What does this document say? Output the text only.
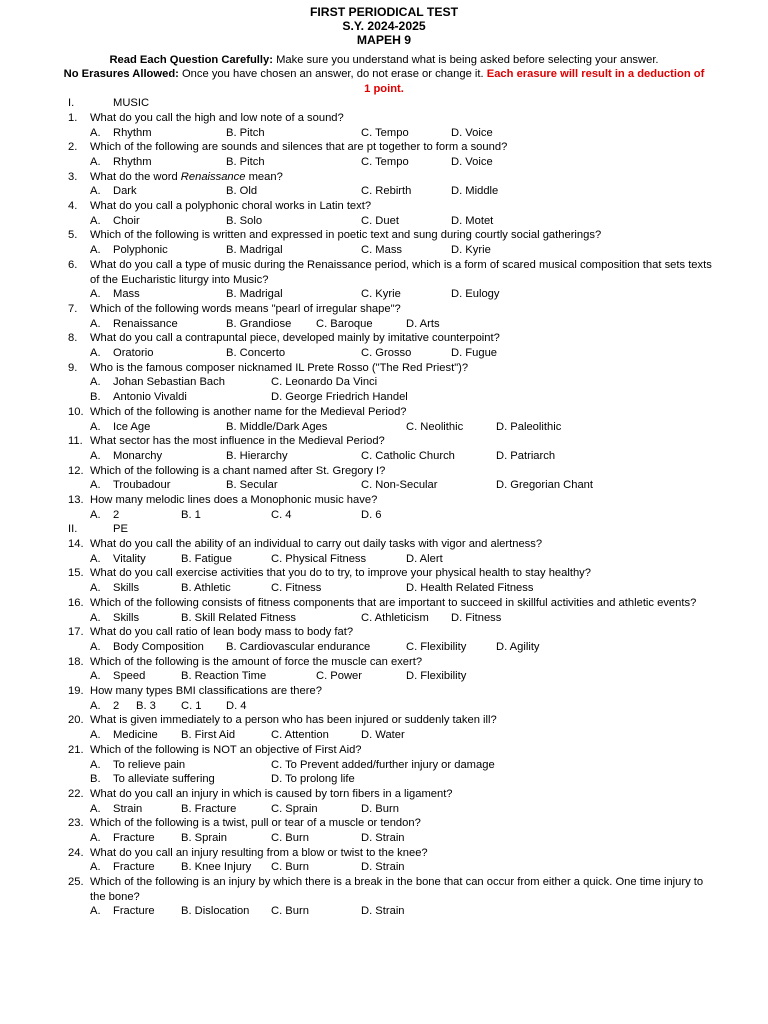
FIRST PERIODICAL TEST
S.Y. 2024-2025
MAPEH 9
Read Each Question Carefully: Make sure you understand what is being asked before selecting your answer.
No Erasures Allowed: Once you have chosen an answer, do not erase or change it. Each erasure will result in a deduction of 1 point.
I.	MUSIC
1. What do you call the high and low note of a sound?
A. Rhythm	B. Pitch	C. Tempo	D. Voice
2. Which of the following are sounds and silences that are pt together to form a sound?
A. Rhythm	B. Pitch	C. Tempo	D. Voice
3. What do the word Renaissance mean?
A. Dark	B. Old	C. Rebirth	D. Middle
4. What do you call a polyphonic choral works in Latin text?
A. Choir	B. Solo	C. Duet	D. Motet
5. Which of the following is written and expressed in poetic text and sung during courtly social gatherings?
A. Polyphonic	B. Madrigal	C. Mass	D. Kyrie
6. What do you call a type of music during the Renaissance period, which is a form of scared musical composition that sets texts of the Eucharistic liturgy into Music?
A. Mass	B. Madrigal	C. Kyrie	D. Eulogy
7. Which of the following words means "pearl of irregular shape"?
A. Renaissance	B. Grandiose C. Baroque	D. Arts
8. What do you call a contrapuntal piece, developed mainly by imitative counterpoint?
A. Oratorio	B. Concerto	C. Grosso	D. Fugue
9. Who is the famous composer nicknamed IL Prete Rosso ("The Red Priest")?
A. Johan Sebastian Bach	C. Leonardo Da Vinci
B. Antonio Vivaldi	D. George Friedrich Handel
10. Which of the following is another name for the Medieval Period?
A. Ice Age	B. Middle/Dark Ages	C. Neolithic	D. Paleolithic
11. What sector has the most influence in the Medieval Period?
A. Monarchy	B. Hierarchy	C. Catholic Church	D. Patriarch
12. Which of the following is a chant named after St. Gregory I?
A. Troubadour	B. Secular	C. Non-Secular	D. Gregorian Chant
13. How many melodic lines does a Monophonic music have?
A. 2	B. 1	C. 4	D. 6
II.	PE
14. What do you call the ability of an individual to carry out daily tasks with vigor and alertness?
A. Vitality	B. Fatigue	C. Physical Fitness	D. Alert
15. What do you call exercise activities that you do to try, to improve your physical health to stay healthy?
A. Skills	B. Athletic	C. Fitness	D. Health Related Fitness
16. Which of the following consists of fitness components that are important to succeed in skillful activities and athletic events?
A. Skills	B. Skill Related Fitness	C. Athleticism D. Fitness
17. What do you call ratio of lean body mass to body fat?
A. Body Composition B. Cardiovascular endurance	C. Flexibility	D. Agility
18. Which of the following is the amount of force the muscle can exert?
A. Speed	B. Reaction Time	C. Power	D. Flexibility
19. How many types BMI classifications are there?
A. 2 B. 3 C. 1 D. 4
20. What is given immediately to a person who has been injured or suddenly taken ill?
A. Medicine B. First Aid	C. Attention	D. Water
21. Which of the following is NOT an objective of First Aid?
A. To relieve pain	C. To Prevent added/further injury or damage
B. To alleviate suffering	D. To prolong life
22. What do you call an injury in which is caused by torn fibers in a ligament?
A. Strain	B. Fracture	C. Sprain	D. Burn
23. Which of the following is a twist, pull or tear of a muscle or tendon?
A. Fracture B. Sprain	C. Burn	D. Strain
24. What do you call an injury resulting from a blow or twist to the knee?
A. Fracture B. Knee Injury C. Burn	D. Strain
25. Which of the following is an injury by which there is a break in the bone that can occur from either a quick. One time injury to the bone?
A. Fracture B. Dislocation C. Burn	D. Strain
